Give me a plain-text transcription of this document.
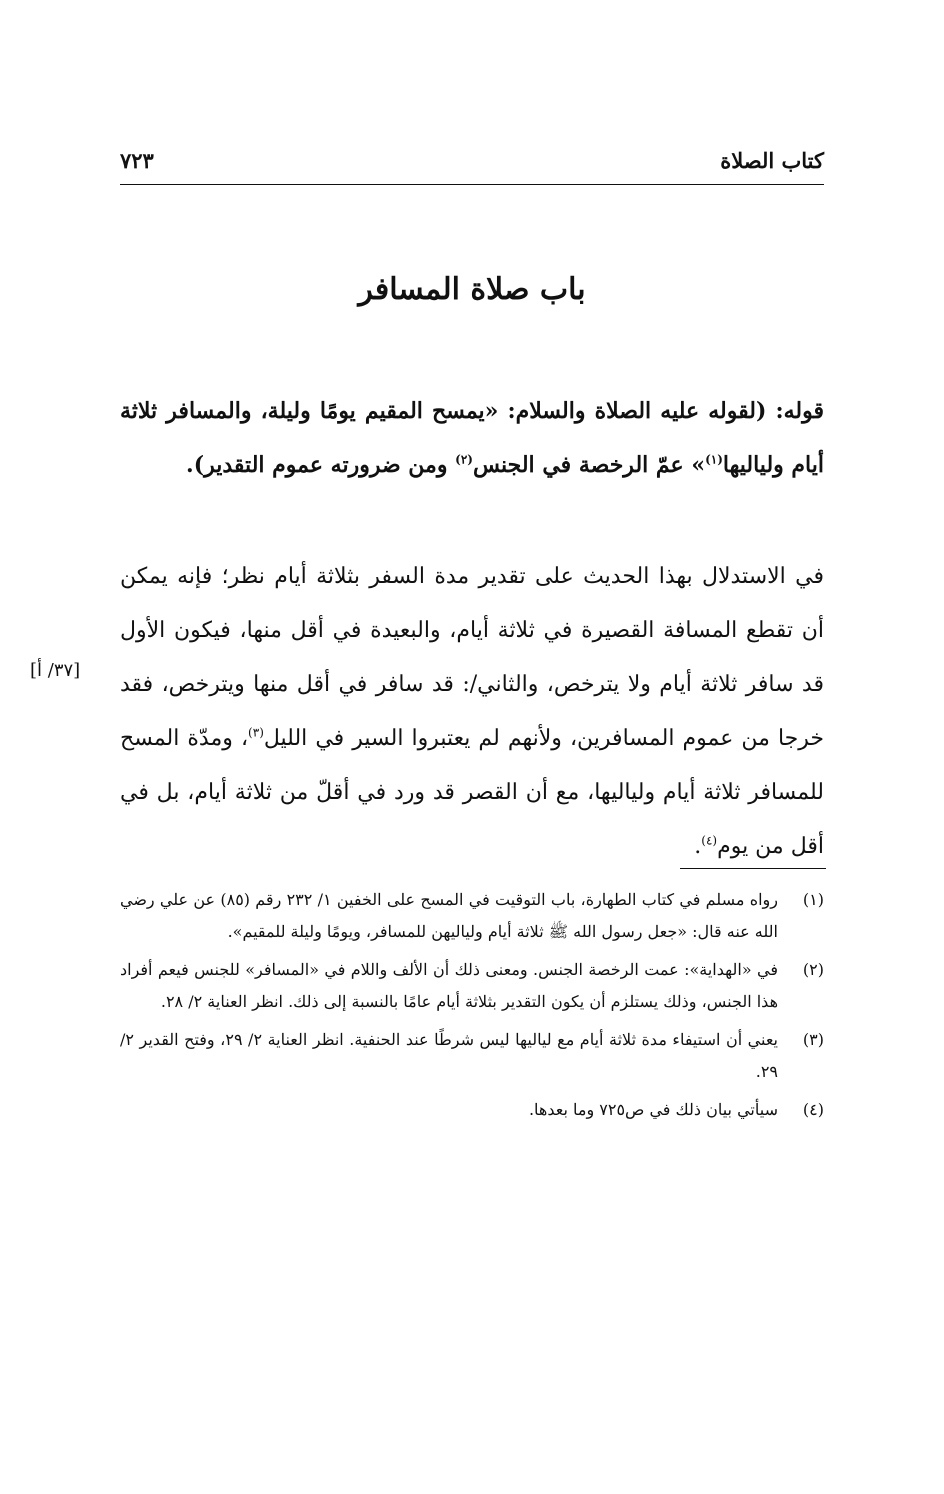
كتاب الصلاة
٧٢٣
باب صلاة المسافر
قوله: (لقوله عليه الصلاة والسلام: «يمسح المقيم يومًا وليلة، والمسافر ثلاثة أيام ولياليها$^{(١)}$» عمّ الرخصة في الجنس$^{(٢)}$ ومن ضرورته عموم التقدير).
في الاستدلال بهذا الحديث على تقدير مدة السفر بثلاثة أيام نظر؛ فإنه يمكن أن تقطع المسافة القصيرة في ثلاثة أيام، والبعيدة في أقل منها، فيكون الأول قد سافر ثلاثة أيام ولا يترخص، والثاني/: قد سافر في أقل منها ويترخص، فقد خرجا من عموم المسافرين، ولأنهم لم يعتبروا السير في الليل$^{(٣)}$، ومدّة المسح للمسافر ثلاثة أيام ولياليها، مع أن القصر قد ورد في أقلّ من ثلاثة أيام، بل في أقل من يوم$^{(٤)}$.
[٣٧/ أ]
(١)
رواه مسلم في كتاب الطهارة، باب التوقيت في المسح على الخفين ١/ ٢٣٢ رقم (٨٥) عن علي رضي الله عنه قال: «جعل رسول الله ﷺ ثلاثة أيام ولياليهن للمسافر، ويومًا وليلة للمقيم».
(٢)
في «الهداية»: عمت الرخصة الجنس. ومعنى ذلك أن الألف واللام في «المسافر» للجنس فيعم أفراد هذا الجنس، وذلك يستلزم أن يكون التقدير بثلاثة أيام عامًا بالنسبة إلى ذلك. انظر العناية ٢/ ٢٨.
(٣)
يعني أن استيفاء مدة ثلاثة أيام مع لياليها ليس شرطًا عند الحنفية. انظر العناية ٢/ ٢٩، وفتح القدير ٢/ ٢٩.
(٤)
سيأتي بيان ذلك في ص٧٢٥ وما بعدها.
